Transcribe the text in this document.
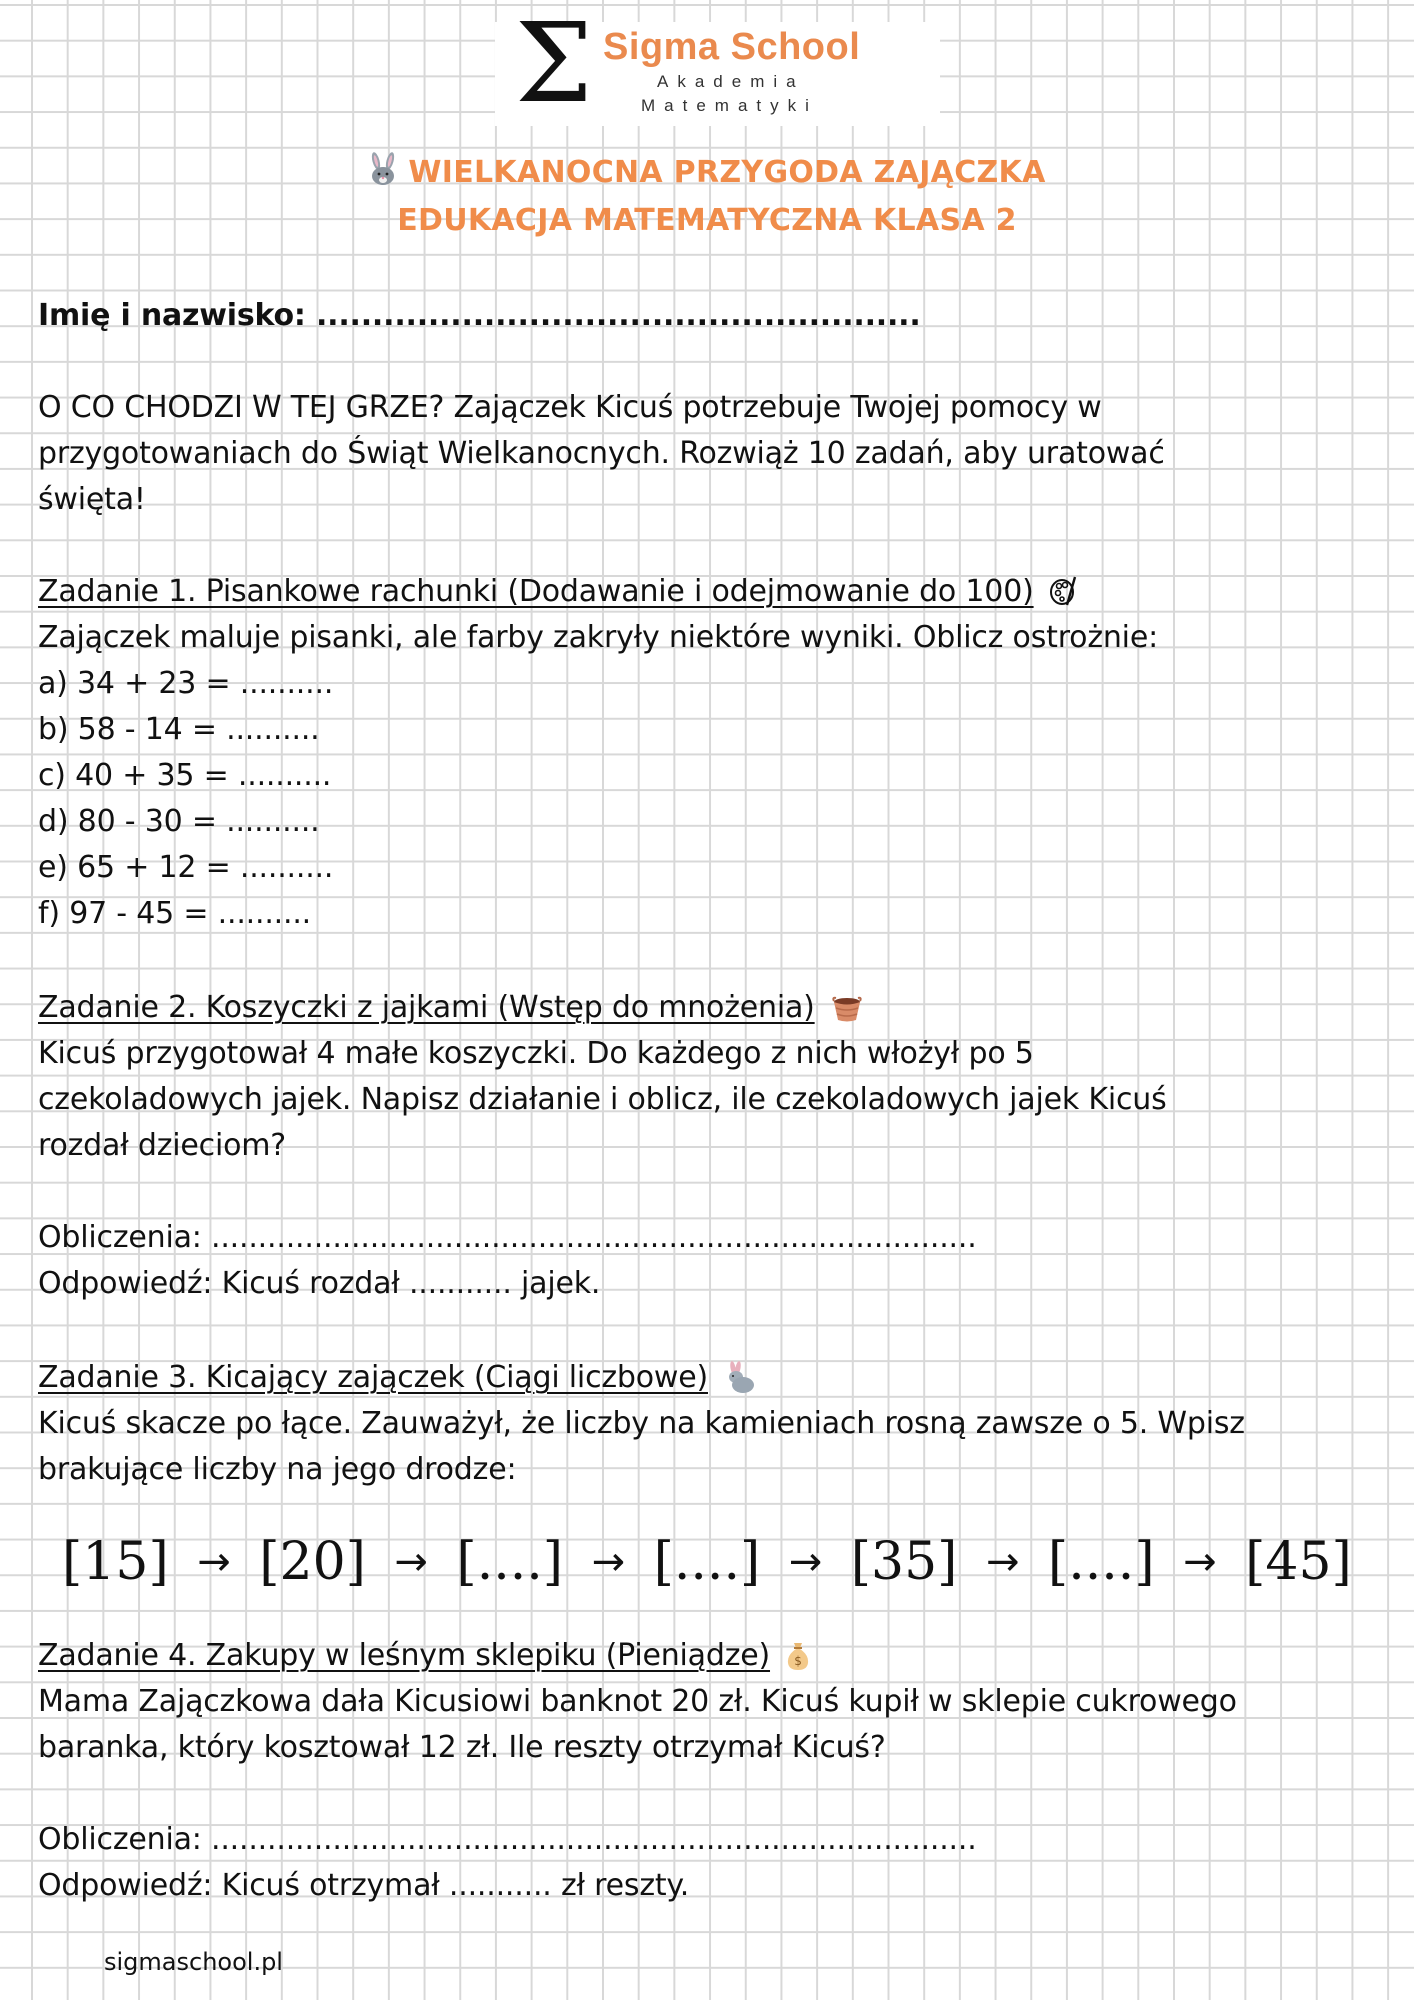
Σ Sigma School
Akademia
Matematyki
WIELKANOCNA PRZYGODA ZAJĄCZKA
EDUKACJA MATEMATYCZNA KLASA 2
Imię i nazwisko: ......................................................
O CO CHODZI W TEJ GRZE? Zajączek Kicuś potrzebuje Twojej pomocy w
przygotowaniach do Świąt Wielkanocnych. Rozwiąż 10 zadań, aby uratować
święta!
Zadanie 1. Pisankowe rachunki (Dodawanie i odejmowanie do 100)
Zajączek maluje pisanki, ale farby zakryły niektóre wyniki. Oblicz ostrożnie:
a) 34 + 23 = ..........
b) 58 - 14 = ..........
c) 40 + 35 = ..........
d) 80 - 30 = ..........
e) 65 + 12 = ..........
f) 97 - 45 = ..........
Zadanie 2. Koszyczki z jajkami (Wstęp do mnożenia)
Kicuś przygotował 4 małe koszyczki. Do każdego z nich włożył po 5
czekoladowych jajek. Napisz działanie i oblicz, ile czekoladowych jajek Kicuś
rozdał dzieciom?
Obliczenia: ..................................................................................
Odpowiedź: Kicuś rozdał ........... jajek.
Zadanie 3. Kicający zajączek (Ciągi liczbowe)
Kicuś skacze po łące. Zauważył, że liczby na kamieniach rosną zawsze o 5. Wpisz
brakujące liczby na jego drodze:
[15] → [20] → [....] → [....] → [35] → [....] → [45]
Zadanie 4. Zakupy w leśnym sklepiku (Pieniądze) $
Mama Zajączkowa dała Kicusiowi banknot 20 zł. Kicuś kupił w sklepie cukrowego
baranka, który kosztował 12 zł. Ile reszty otrzymał Kicuś?
Obliczenia: ..................................................................................
Odpowiedź: Kicuś otrzymał ........... zł reszty.
sigmaschool.pl
